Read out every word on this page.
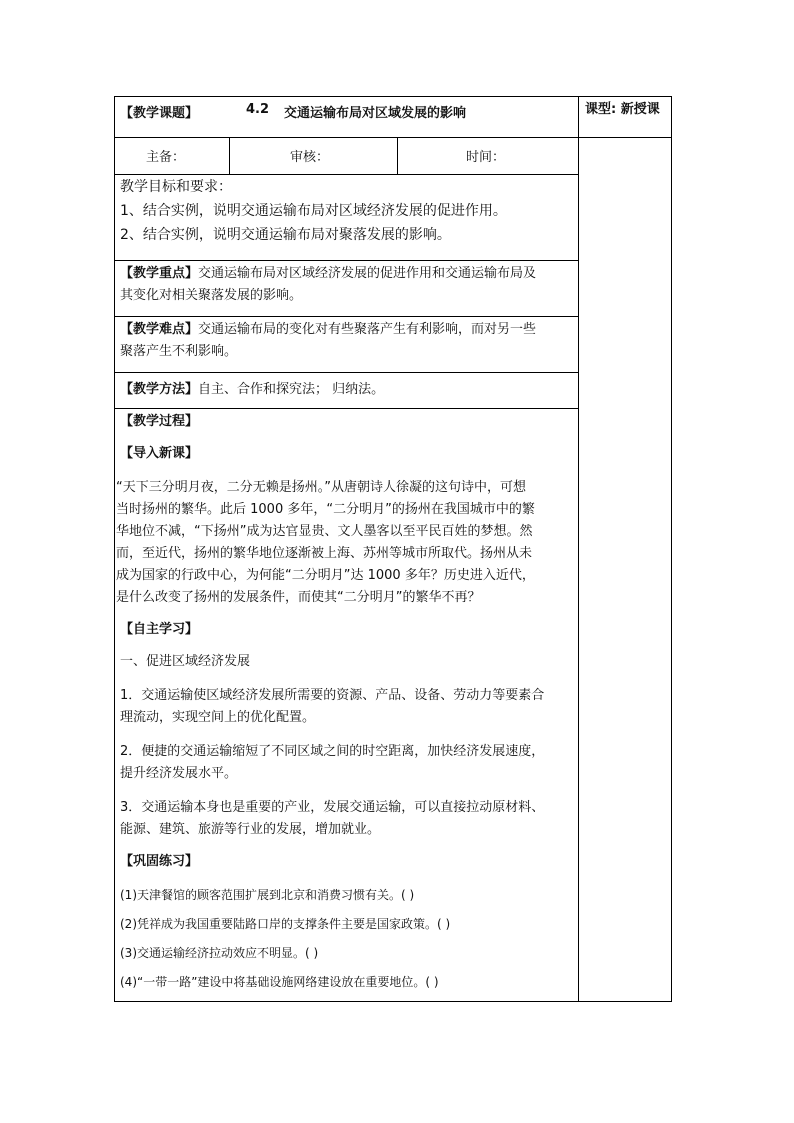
【教学课题】	4.2 交通运输布局对区域发展的影响	课型: 新授课
主备：	审核：	时间：
教学目标和要求：
1、结合实例，说明交通运输布局对区域经济发展的促进作用。
2、结合实例，说明交通运输布局对聚落发展的影响。
【教学重点】交通运输布局对区域经济发展的促进作用和交通运输布局及
其变化对相关聚落发展的影响。
【教学难点】交通运输布局的变化对有些聚落产生有利影响，而对另一些
聚落产生不利影响。
【教学方法】自主、合作和探究法； 归纳法。
【教学过程】
【导入新课】
“天下三分明月夜，二分无赖是扬州。”从唐朝诗人徐凝的这句诗中，可想
当时扬州的繁华。此后 1000 多年，“二分明月”的扬州在我国城市中的繁
华地位不减，“下扬州”成为达官显贵、文人墨客以至平民百姓的梦想。然
而，至近代，扬州的繁华地位逐渐被上海、苏州等城市所取代。扬州从未
成为国家的行政中心，为何能“二分明月”达 1000 多年？历史进入近代，
是什么改变了扬州的发展条件，而使其“二分明月”的繁华不再？
【自主学习】
一、促进区域经济发展
1．交通运输使区域经济发展所需要的资源、产品、设备、劳动力等要素合
理流动，实现空间上的优化配置。
2．便捷的交通运输缩短了不同区域之间的时空距离，加快经济发展速度，
提升经济发展水平。
3．交通运输本身也是重要的产业，发展交通运输，可以直接拉动原材料、
能源、建筑、旅游等行业的发展，增加就业。
【巩固练习】
(1)天津餐馆的顾客范围扩展到北京和消费习惯有关。( )
(2)凭祥成为我国重要陆路口岸的支撑条件主要是国家政策。( )
(3)交通运输经济拉动效应不明显。( )
(4)“一带一路”建设中将基础设施网络建设放在重要地位。( )
